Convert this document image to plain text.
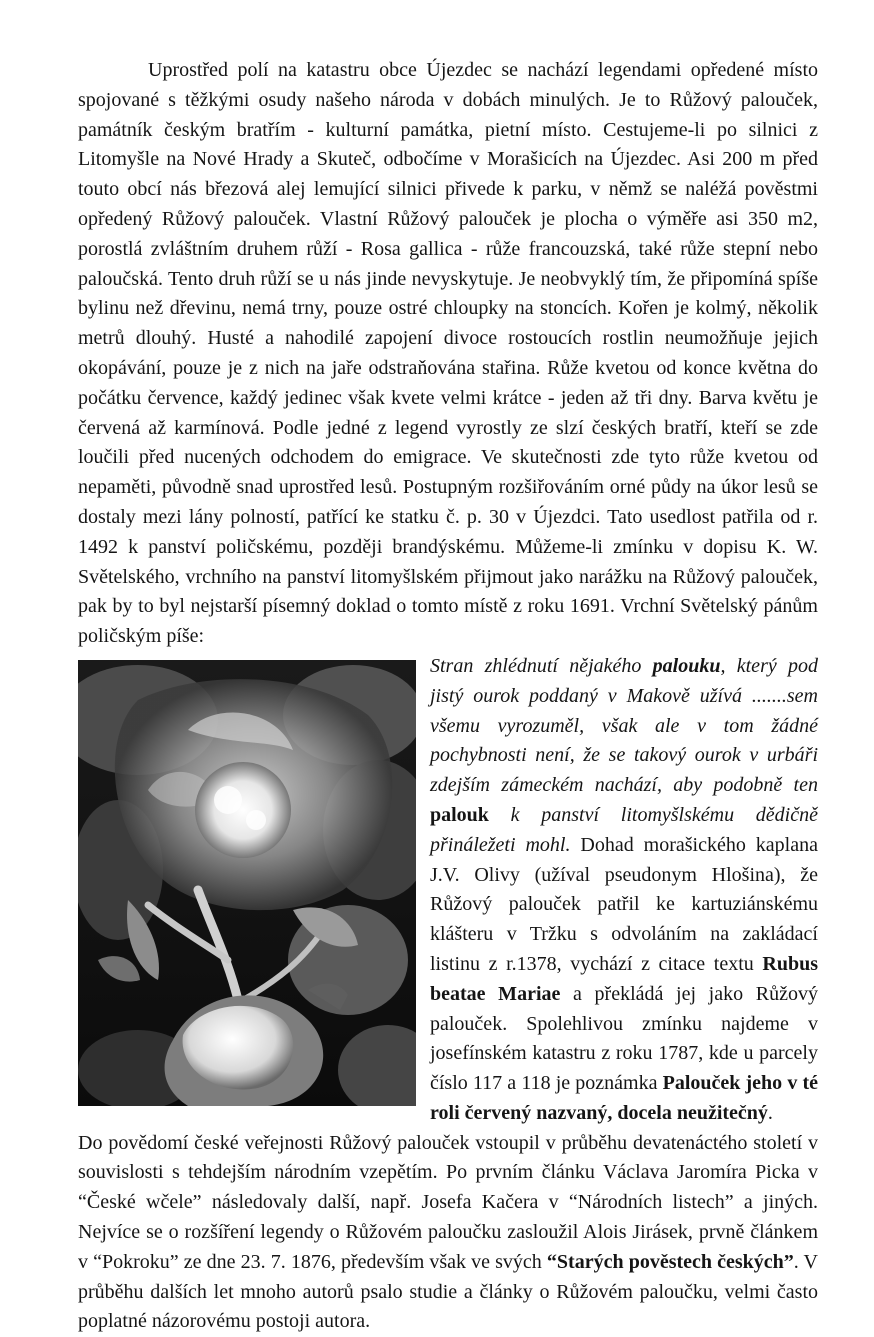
Uprostřed polí na katastru obce Újezdec se nachází legendami opředené místo spojované s těžkými osudy našeho národa v dobách minulých. Je to Růžový palouček, památník českým bratřím - kulturní památka, pietní místo. Cestujeme-li po silnici z Litomyšle na Nové Hrady a Skuteč, odbočíme v Morašicích na Újezdec. Asi 200 m před touto obcí nás březová alej lemující silnici přivede k parku, v němž se naléžá pověstmi opředený Růžový palouček. Vlastní Růžový palouček je plocha o výměře asi 350 m2, porostlá zvláštním druhem růží - Rosa gallica - růže francouzská, také růže stepní nebo paloučská. Tento druh růží se u nás jinde nevyskytuje. Je neobvyklý tím, že připomíná spíše bylinu než dřevinu, nemá trny, pouze ostré chloupky na stoncích. Kořen je kolmý, několik metrů dlouhý. Husté a nahodilé zapojení divoce rostoucích rostlin neumožňuje jejich okopávání, pouze je z nich na jaře odstraňována stařina. Růže kvetou od konce května do počátku července, každý jedinec však kvete velmi krátce - jeden až tři dny. Barva květu je červená až karmínová. Podle jedné z legend vyrostly ze slzí českých bratří, kteří se zde loučili před nucených odchodem do emigrace. Ve skutečnosti zde tyto růže kvetou od nepaměti, původně snad uprostřed lesů. Postupným rozšiřováním orné půdy na úkor lesů se dostaly mezi lány polností, patřící ke statku č. p. 30 v Újezdci. Tato usedlost patřila od r. 1492 k panství poličskému, později brandýskému. Můžeme-li zmínku v dopisu K. W. Světelského, vrchního na panství litomyšlském přijmout jako narážku na Růžový palouček, pak by to byl nejstarší písemný doklad o tomto místě z roku 1691. Vrchní Světelský pánům poličským píše:

Stran zhlédnutí nějakého palouku, který pod jistý ourok poddaný v Makově užívá .......sem všemu vyrozuměl, však ale v tom žádné pochybnosti není, že se takový ourok v urbáři zdejším zámeckém nachází, aby podobně ten palouk k panství litomyšlskému dědičně přináležeti mohl. Dohad morašického kaplana J.V. Olivy (užíval pseudonym Hlošina), že Růžový palouček patřil ke kartuziánskému klášteru v Tržku s odvoláním na zakládací listinu z r.1378, vychází z citace textu Rubus beatae Mariae a překládá jej jako Růžový palouček. Spolehlivou zmínku najdeme v josefínském katastru z roku 1787, kde u parcely číslo 117 a 118 je poznámka Palouček jeho v té roli červený nazvaný, docela neužitečný.

Do povědomí české veřejnosti Růžový palouček vstoupil v průběhu devatenáctého století v souvislosti s tehdejším národním vzepětím. Po prvním článku Václava Jaromíra Picka v “České wčele” následovaly další, např. Josefa Kačera v “Národních listech” a jiných. Nejvíce se o rozšíření legendy o Růžovém paloučku zasloužil Alois Jirásek, prvně článkem v “Pokroku” ze dne 23. 7. 1876, především však ve svých “Starých pověstech českých”. V průběhu dalších let mnoho autorů psalo studie a články o Růžovém paloučku, velmi často poplatné názorovému postoji autora.
